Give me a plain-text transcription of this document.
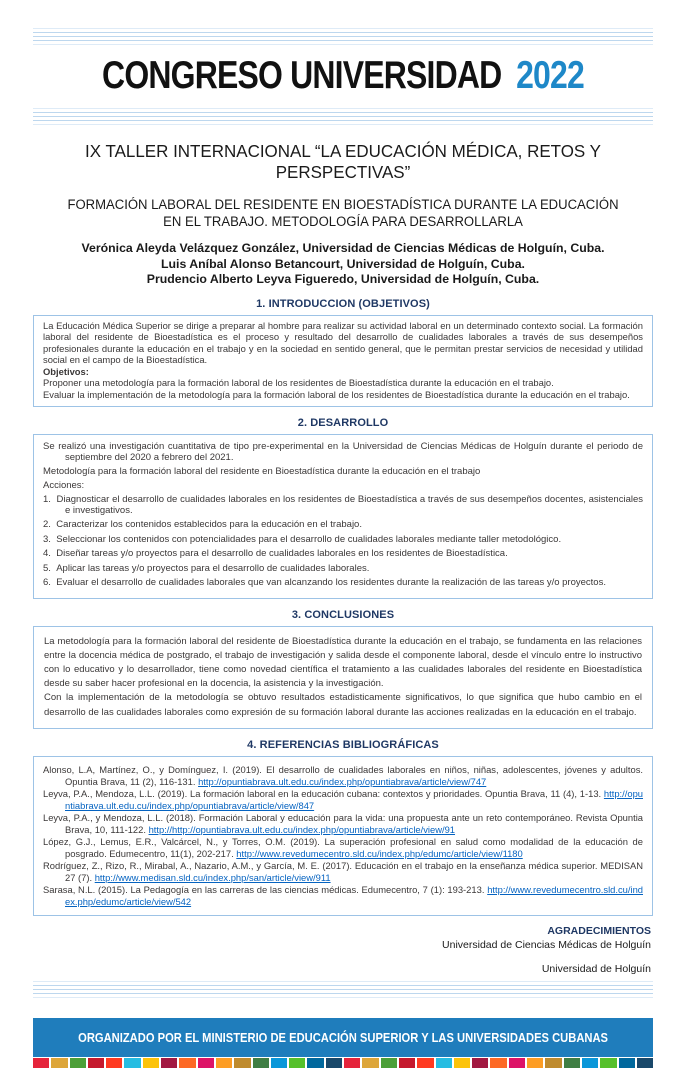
CONGRESO UNIVERSIDAD 2022
IX TALLER INTERNACIONAL “LA EDUCACIÓN MÉDICA, RETOS Y PERSPECTIVAS”
FORMACIÓN LABORAL DEL RESIDENTE EN BIOESTADÍSTICA DURANTE LA EDUCACIÓN EN EL TRABAJO. METODOLOGÍA PARA DESARROLLARLA
Verónica Aleyda Velázquez González, Universidad de Ciencias Médicas de Holguín, Cuba.
Luis Aníbal Alonso Betancourt, Universidad de Holguín, Cuba.
Prudencio Alberto Leyva Figueredo, Universidad de Holguín, Cuba.
1. INTRODUCCION (OBJETIVOS)

La Educación Médica Superior se dirige a preparar al hombre para realizar su actividad laboral en un determinado contexto social. La formación laboral del residente de Bioestadística es el proceso y resultado del desarrollo de cualidades laborales a través de sus desempeños profesionales durante la educación en el trabajo y en la sociedad en sentido general, que le permitan prestar servicios de necesidad y utilidad social en el campo de la Bioestadística.

Objetivos:

Proponer una metodología para la formación laboral de los residentes de Bioestadística durante la educación en el trabajo.

Evaluar la implementación de la metodología para la formación laboral de los residentes de Bioestadística durante la educación en el trabajo.

2. DESARROLLO
Se realizó una investigación cuantitativa de tipo pre-experimental en la Universidad de Ciencias Médicas de Holguín durante el periodo de septiembre del 2020 a febrero del 2021.
Metodología para la formación laboral del residente en Bioestadística durante la educación en el trabajo
Acciones:
Diagnosticar el desarrollo de cualidades laborales en los residentes de Bioestadística a través de sus desempeños docentes, asistenciales e investigativos.
Caracterizar los contenidos establecidos para la educación en el trabajo.
Seleccionar los contenidos con potencialidades para el desarrollo de cualidades laborales mediante taller metodológico.
Diseñar tareas y/o proyectos para el desarrollo de cualidades laborales en los residentes de Bioestadística.
Aplicar las tareas y/o proyectos para el desarrollo de cualidades laborales.
Evaluar el desarrollo de cualidades laborales que van alcanzando los residentes durante la realización de las tareas y/o proyectos.
3. CONCLUSIONES

La metodología para la formación laboral del residente de Bioestadística durante la educación en el trabajo, se fundamenta en las relaciones entre la docencia médica de postgrado, el trabajo de investigación y salida desde el componente laboral, desde el vínculo entre lo instructivo con lo educativo y lo desarrollador, tiene como novedad científica el tratamiento a las cualidades laborales del residente en Bioestadística desde su saber hacer profesional en la docencia, la asistencia y la investigación.

Con la implementación de la metodología se obtuvo resultados estadisticamente significativos, lo que significa que hubo cambio en el desarrollo de las cualidades laborales como expresión de su formación laboral durante las acciones realizadas en la educación en el trabajo.

4. REFERENCIAS BIBLIOGRÁFICAS
Alonso, L.A, Martínez, O., y Domínguez, I. (2019). El desarrollo de cualidades laborales en niños, niñas, adolescentes, jóvenes y adultos. Opuntia Brava, 11 (2), 116-131. http://opuntiabrava.ult.edu.cu/index.php/opuntiabrava/article/view/747
Leyva, P.A., Mendoza, L.L. (2019). La formación laboral en la educación cubana: contextos y prioridades. Opuntia Brava, 11 (4), 1-13. http://opuntiabrava.ult.edu.cu/index.php/opuntiabrava/article/view/847
Leyva, P.A., y Mendoza, L.L. (2018). Formación Laboral y educación para la vida: una propuesta ante un reto contemporáneo. Revista Opuntia Brava, 10, 111-122. http://http://opuntiabrava.ult.edu.cu/index.php/opuntiabrava/article/view/91
López, G.J., Lemus, E.R., Valcárcel, N., y Torres, O.M. (2019). La superación profesional en salud como modalidad de la educación de posgrado. Edumecentro, 11(1), 202-217. http://www.revedumecentro.sld.cu/index.php/edumc/article/view/1180
Rodríguez, Z., Rizo, R., Mirabal, A., Nazario, A.M., y García, M. E. (2017). Educación en el trabajo en la enseñanza médica superior. MEDISAN 27 (7). http://www.medisan.sld.cu/index.php/san/article/view/911
Sarasa, N.L. (2015). La Pedagogía en las carreras de las ciencias médicas. Edumecentro, 7 (1): 193-213. http://www.revedumecentro.sld.cu/index.php/edumc/article/view/542
AGRADECIMIENTOS
Universidad de Ciencias Médicas de Holguín
Universidad de Holguín
ORGANIZADO POR EL MINISTERIO DE EDUCACIÓN SUPERIOR Y LAS UNIVERSIDADES CUBANAS
